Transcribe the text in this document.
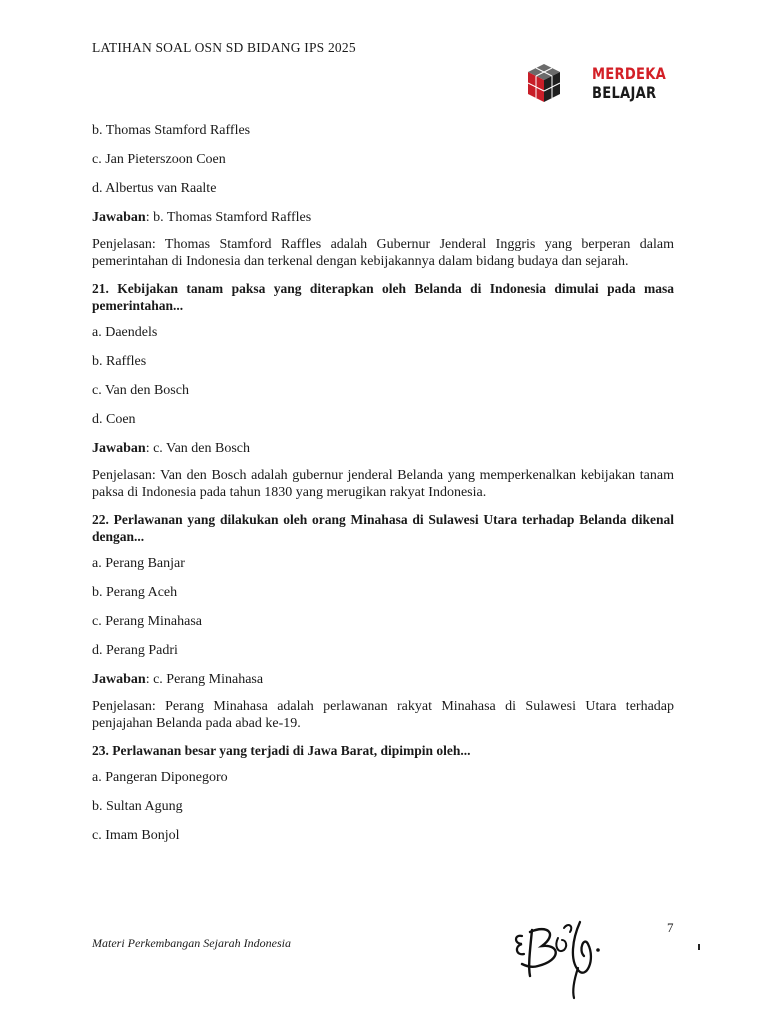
LATIHAN SOAL OSN SD BIDANG IPS 2025
MERDEKA
BELAJAR

b. Thomas Stamford Raffles

c. Jan Pieterszoon Coen

d. Albertus van Raalte

Jawaban: b. Thomas Stamford Raffles

Penjelasan: Thomas Stamford Raffles adalah Gubernur Jenderal Inggris yang berperan dalam pemerintahan di Indonesia dan terkenal dengan kebijakannya dalam bidang budaya dan sejarah.

21. Kebijakan tanam paksa yang diterapkan oleh Belanda di Indonesia dimulai pada masa pemerintahan...

a. Daendels

b. Raffles

c. Van den Bosch

d. Coen

Jawaban: c. Van den Bosch

Penjelasan: Van den Bosch adalah gubernur jenderal Belanda yang memperkenalkan kebijakan tanam paksa di Indonesia pada tahun 1830 yang merugikan rakyat Indonesia.

22. Perlawanan yang dilakukan oleh orang Minahasa di Sulawesi Utara terhadap Belanda dikenal dengan...

a. Perang Banjar

b. Perang Aceh

c. Perang Minahasa

d. Perang Padri

Jawaban: c. Perang Minahasa

Penjelasan: Perang Minahasa adalah perlawanan rakyat Minahasa di Sulawesi Utara terhadap penjajahan Belanda pada abad ke-19.

23. Perlawanan besar yang terjadi di Jawa Barat, dipimpin oleh...

a. Pangeran Diponegoro

b. Sultan Agung

c. Imam Bonjol

Materi Perkembangan Sejarah Indonesia
7
